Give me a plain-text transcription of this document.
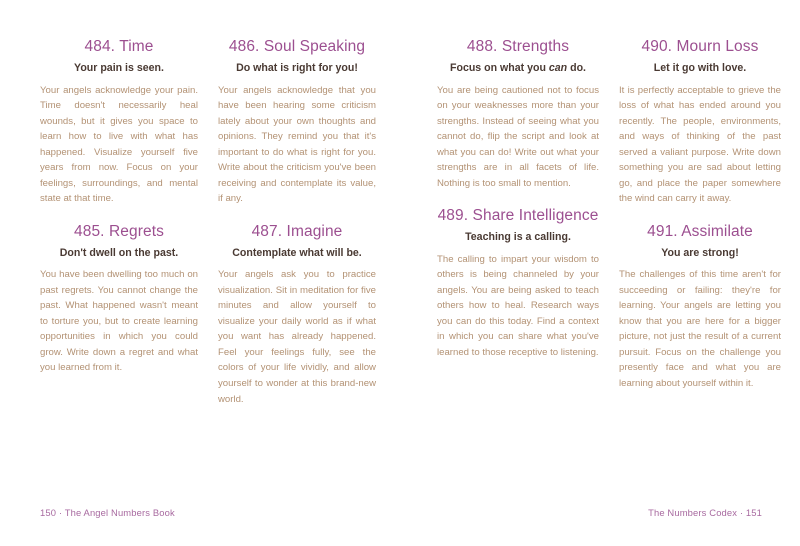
484. Time

Your pain is seen.

Your angels acknowledge your pain. Time doesn't necessarily heal wounds, but it gives you space to learn how to live with what has happened. Visualize yourself five years from now. Focus on your feelings, surroundings, and mental state at that time.

485. Regrets

Don't dwell on the past.

You have been dwelling too much on past regrets. You cannot change the past. What happened wasn't meant to torture you, but to create learning opportunities in which you could grow. Write down a regret and what you learned from it.

486. Soul Speaking

Do what is right for you!

Your angels acknowledge that you have been hearing some criticism lately about your own thoughts and opinions. They remind you that it's important to do what is right for you. Write about the criticism you've been receiving and contemplate its value, if any.

487. Imagine

Contemplate what will be.

Your angels ask you to practice visualization. Sit in meditation for five minutes and allow yourself to visualize your daily world as if what you want has already happened. Feel your feelings fully, see the colors of your life vividly, and allow yourself to wonder at this brand-new world.

150 · The Angel Numbers Book
488. Strengths

Focus on what you can do.

You are being cautioned not to focus on your weaknesses more than your strengths. Instead of seeing what you cannot do, flip the script and look at what you can do! Write out what your strengths are in all facets of life. Nothing is too small to mention.

489. Share Intelligence

Teaching is a calling.

The calling to impart your wisdom to others is being channeled by your angels. You are being asked to teach others how to heal. Research ways you can do this today. Find a context in which you can share what you've learned to those receptive to listening.

490. Mourn Loss

Let it go with love.

It is perfectly acceptable to grieve the loss of what has ended around you recently. The people, environments, and ways of thinking of the past served a valiant purpose. Write down something you are sad about letting go, and place the paper somewhere the wind can carry it away.

491. Assimilate

You are strong!

The challenges of this time aren't for succeeding or failing: they're for learning. Your angels are letting you know that you are here for a bigger picture, not just the result of a current pursuit. Focus on the challenge you presently face and what you are learning about yourself within it.

The Numbers Codex · 151
